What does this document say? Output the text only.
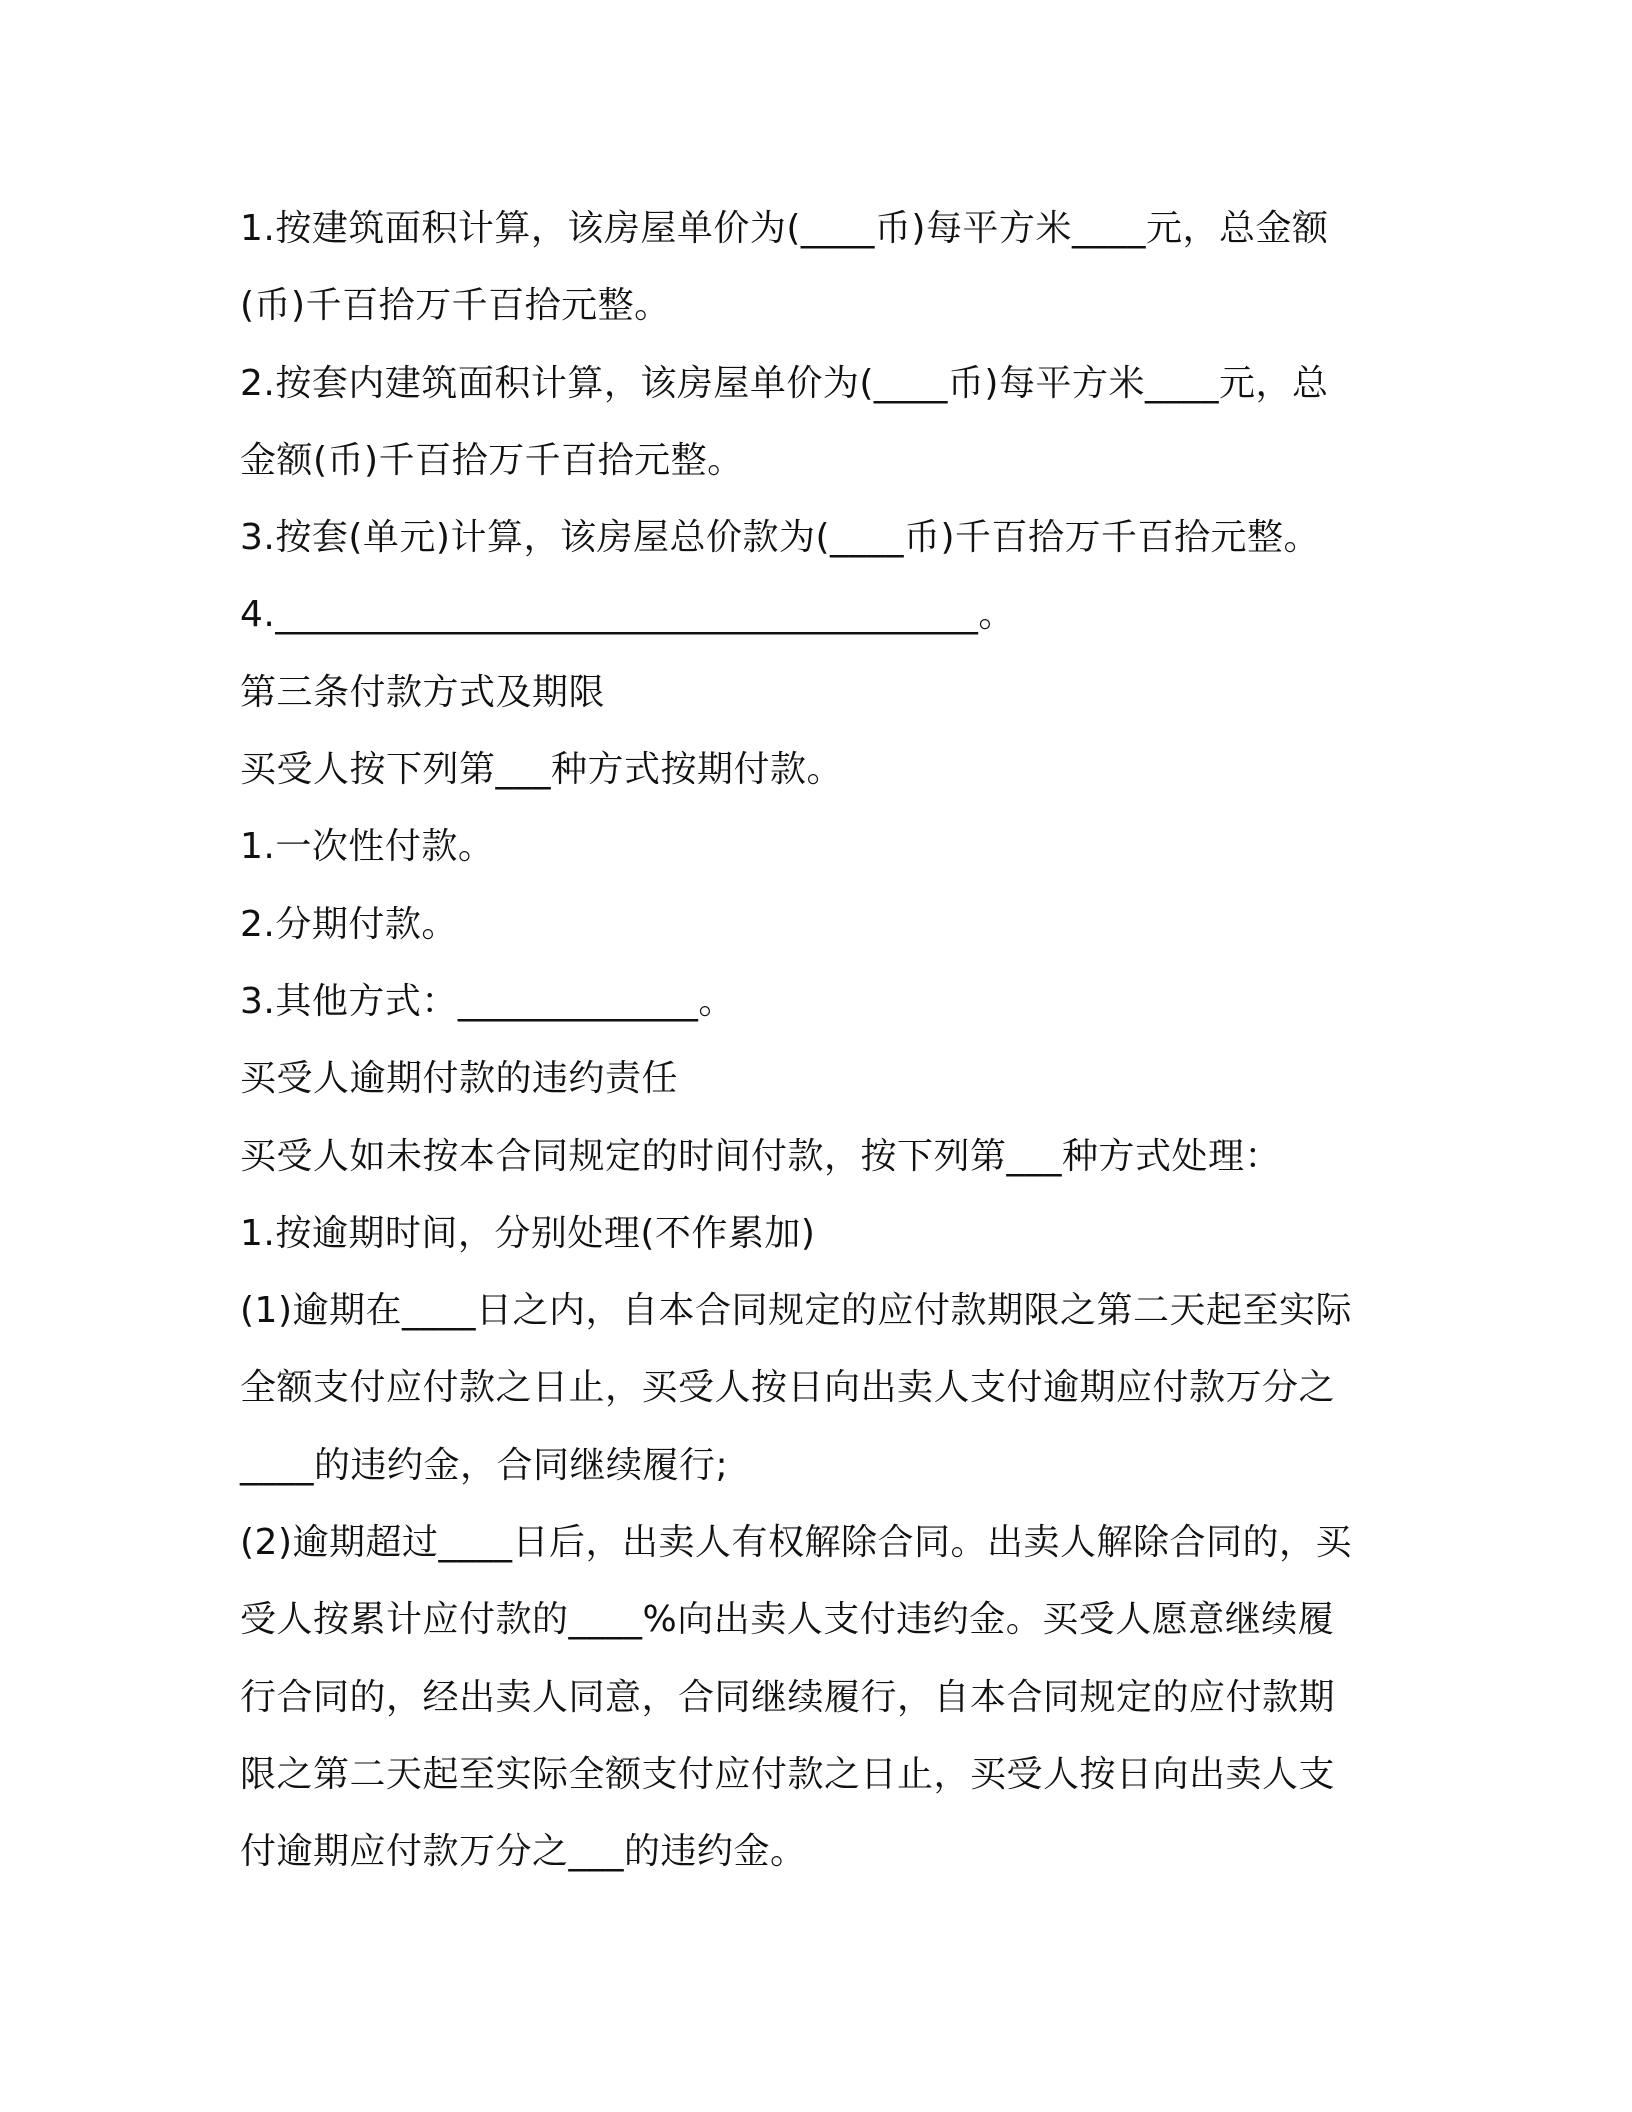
1.按建筑面积计算，该房屋单价为(____币)每平方米____元，总金额
(币)千百拾万千百拾元整。
2.按套内建筑面积计算，该房屋单价为(____币)每平方米____元，总
金额(币)千百拾万千百拾元整。
3.按套(单元)计算，该房屋总价款为(____币)千百拾万千百拾元整。
4.______________________________________。
第三条付款方式及期限
买受人按下列第___种方式按期付款。
1.一次性付款。
2.分期付款。
3.其他方式：_____________。
买受人逾期付款的违约责任
买受人如未按本合同规定的时间付款，按下列第___种方式处理：
1.按逾期时间，分别处理(不作累加)
(1)逾期在____日之内，自本合同规定的应付款期限之第二天起至实际
全额支付应付款之日止，买受人按日向出卖人支付逾期应付款万分之
____的违约金，合同继续履行;
(2)逾期超过____日后，出卖人有权解除合同。出卖人解除合同的，买
受人按累计应付款的____%向出卖人支付违约金。买受人愿意继续履
行合同的，经出卖人同意，合同继续履行，自本合同规定的应付款期
限之第二天起至实际全额支付应付款之日止，买受人按日向出卖人支
付逾期应付款万分之___的违约金。
